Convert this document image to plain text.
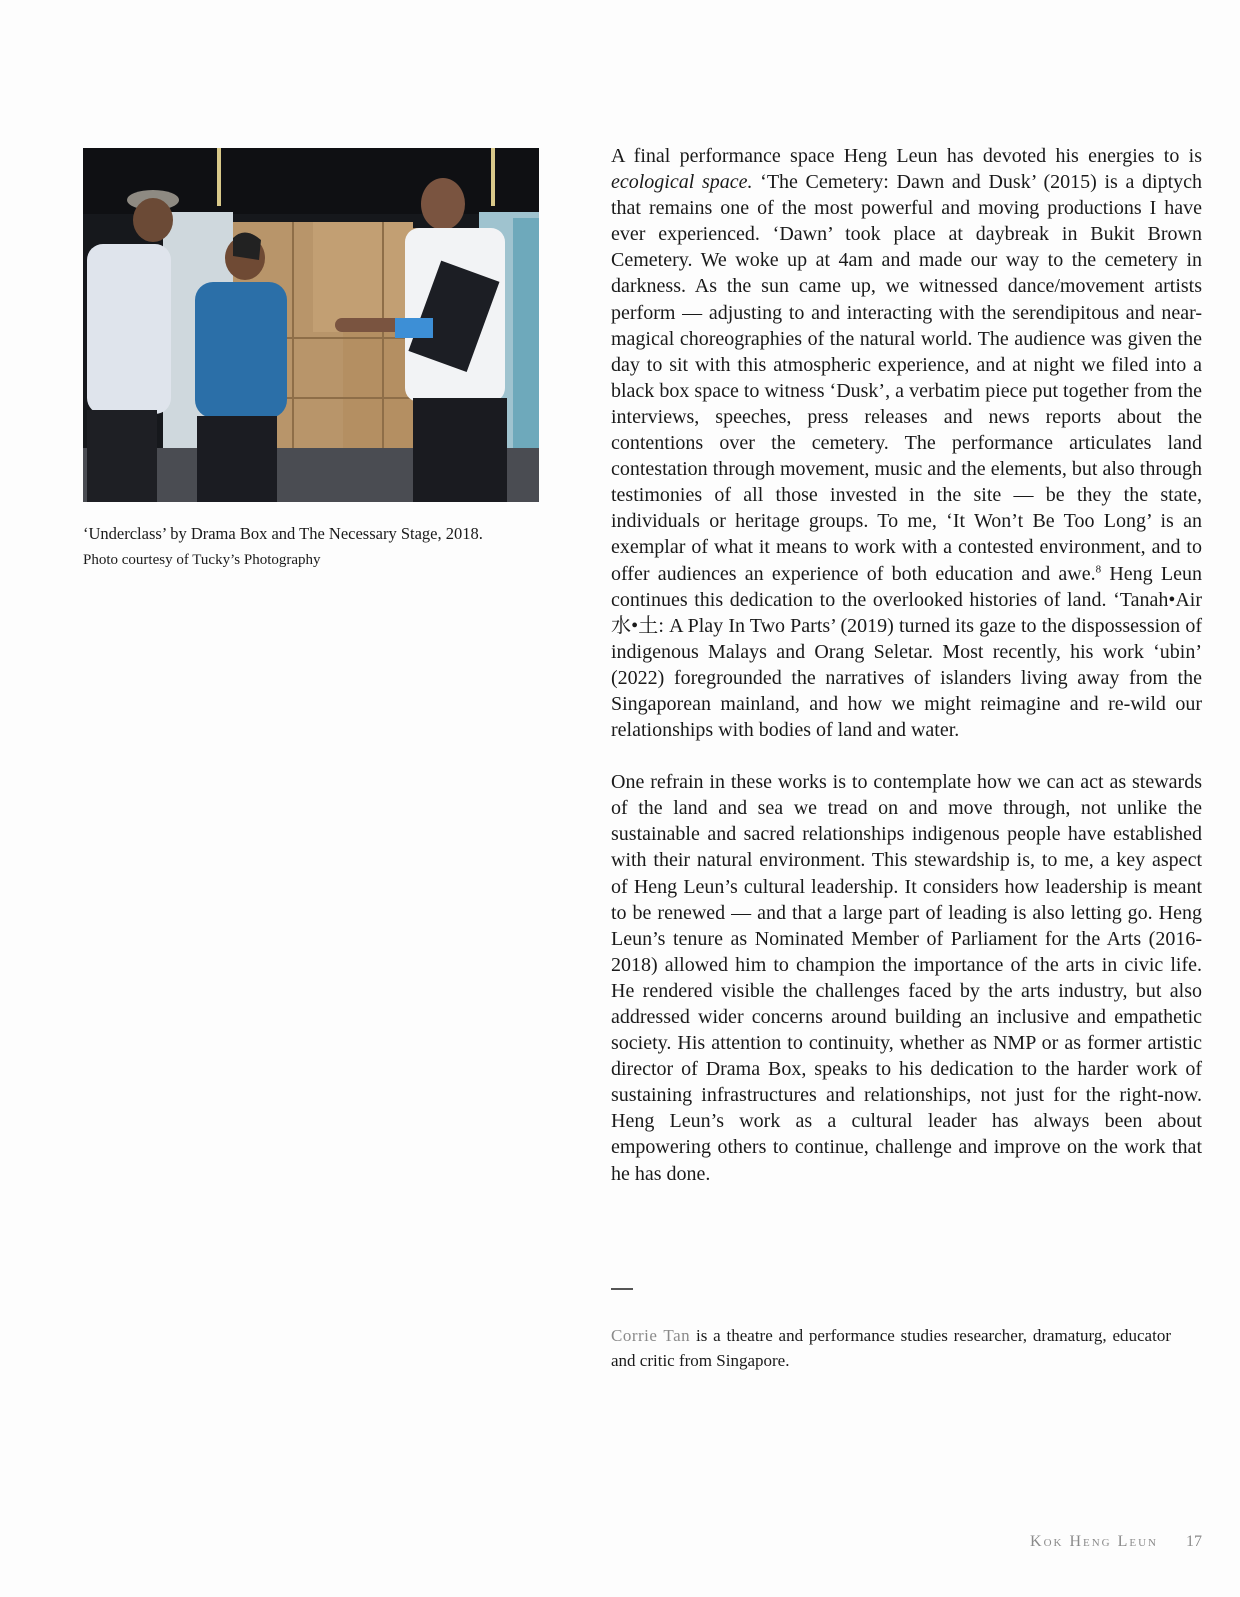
‘Underclass’ by Drama Box and The Necessary Stage, 2018.

Photo courtesy of Tucky’s Photography

A final performance space Heng Leun has devoted his energies to is ecological space. ‘The Cemetery: Dawn and Dusk’ (2015) is a diptych that remains one of the most powerful and moving productions I have ever experienced. ‘Dawn’ took place at daybreak in Bukit Brown Cemetery. We woke up at 4am and made our way to the cemetery in darkness. As the sun came up, we witnessed dance/movement artists perform — adjusting to and interacting with the serendipitous and near-magical choreographies of the natural world. The audience was given the day to sit with this atmospheric experience, and at night we filed into a black box space to witness ‘Dusk’, a verbatim piece put together from the interviews, speeches, press releases and news reports about the contentions over the cemetery. The performance articulates land contestation through movement, music and the elements, but also through testimonies of all those invested in the site — be they the state, individuals or heritage groups. To me, ‘It Won’t Be Too Long’ is an exemplar of what it means to work with a contested environment, and to offer audiences an experience of both education and awe.$^8$ Heng Leun continues this dedication to the overlooked histories of land. ‘Tanah•Air 水•土: A Play In Two Parts’ (2019) turned its gaze to the dispossession of indigenous Malays and Orang Seletar. Most recently, his work ‘ubin’ (2022) foregrounded the narratives of islanders living away from the Singaporean mainland, and how we might reimagine and re-wild our relationships with bodies of land and water.

One refrain in these works is to contemplate how we can act as stewards of the land and sea we tread on and move through, not unlike the sustainable and sacred relationships indigenous people have established with their natural environment. This stewardship is, to me, a key aspect of Heng Leun’s cultural leadership. It considers how leadership is meant to be renewed — and that a large part of leading is also letting go. Heng Leun’s tenure as Nominated Member of Parliament for the Arts (2016-2018) allowed him to champion the importance of the arts in civic life. He rendered visible the challenges faced by the arts industry, but also addressed wider concerns around building an inclusive and empathetic society. His attention to continuity, whether as NMP or as former artistic director of Drama Box, speaks to his dedication to the harder work of sustaining infrastructures and relationships, not just for the right-now. Heng Leun’s work as a cultural leader has always been about empowering others to continue, challenge and improve on the work that he has done.

Corrie Tan is a theatre and performance studies researcher, dramaturg, educator and critic from Singapore.
Kok Heng Leun 17
